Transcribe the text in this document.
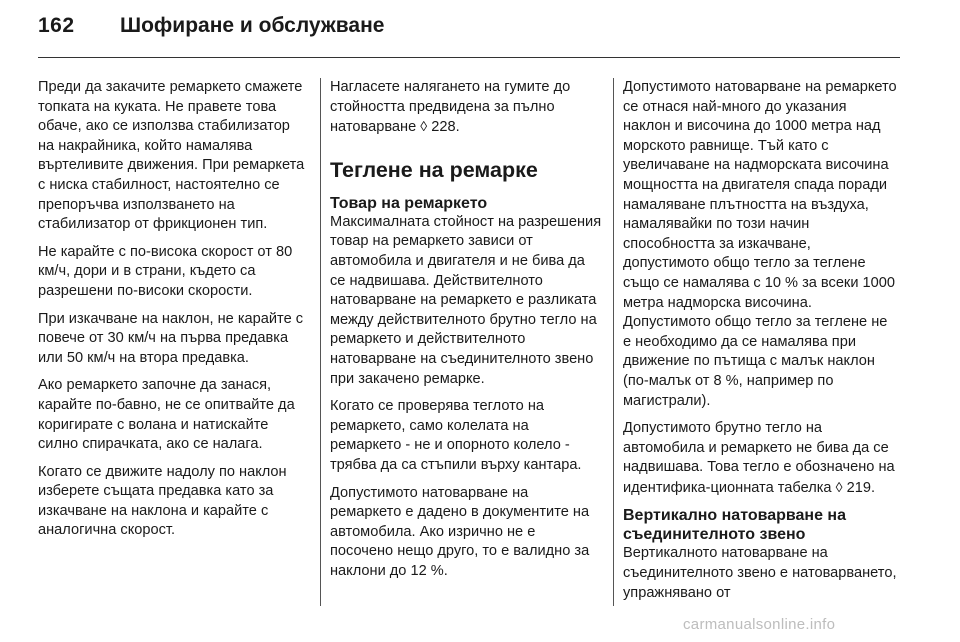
162 Шофиране и обслужване

Преди да закачите ремаркето смажете топката на куката. Не правете това обаче, ако се използва стабилизатор на накрайника, който намалява въртеливите движения. При ремаркета с ниска стабилност, настоятелно се препоръчва използването на стабилизатор от фрикционен тип.

Не карайте с по-висока скорост от 80 км/ч, дори и в страни, където са разрешени по-високи скорости.

При изкачване на наклон, не карайте с повече от 30 км/ч на първа предавка или 50 км/ч на втора предавка.

Ако ремаркето започне да занася, карайте по-бавно, не се опитвайте да коригирате с волана и натискайте силно спирачката, ако се налага.

Когато се движите надолу по наклон изберете същата предавка като за изкачване на наклона и карайте с аналогична скорост.

Нагласете налягането на гумите до стойността предвидена за пълно натоварване ◊ 228.

Теглене на ремарке
Товар на ремаркето

Максималната стойност на разрешения товар на ремаркето зависи от автомобила и двигателя и не бива да се надвишава. Действителното натоварване на ремаркето е разликата между действителното брутно тегло на ремаркето и действителното натоварване на съединителното звено при закачено ремарке.

Когато се проверява теглото на ремаркето, само колелата на ремаркето - не и опорното колело - трябва да са стъпили върху кантара.

Допустимото натоварване на ремаркето е дадено в документите на автомобила. Ако изрично не е посочено нещо друго, то е валидно за наклони до 12 %.

Допустимото натоварване на ремаркето се отнася най-много до указания наклон и височина до 1000 метра над морското равнище. Тъй като с увеличаване на надморската височина мощността на двигателя спада поради намаляване плътността на въздуха, намалявайки по този начин способността за изкачване, допустимото общо тегло за теглене също се намалява с 10 % за всеки 1000 метра надморска височина. Допустимото общо тегло за теглене не е необходимо да се намалява при движение по пътища с малък наклон (по-малък от 8 %, например по магистрали).

Допустимото брутно тегло на автомобила и ремаркето не бива да се надвишава. Това тегло е обозначено на идентифика-ционната табелка ◊ 219.

Вертикално натоварване на съединителното звено

Вертикалното натоварване на съединителното звено е натоварването, упражнявано от

carmanualsonline.info
